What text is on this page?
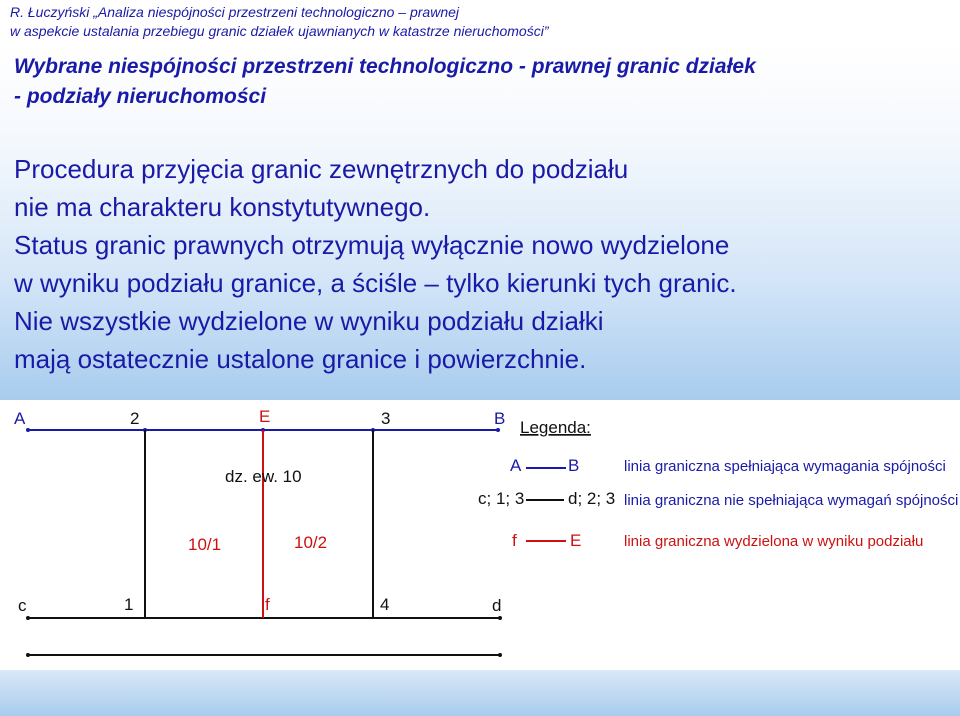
R. Łuczyński „Analiza niespójności przestrzeni technologiczno – prawnej
w aspekcie ustalania przebiegu granic działek ujawnianych w katastrze nieruchomości”
Wybrane niespójności przestrzeni technologiczno - prawnej granic działek
- podziały nieruchomości
Procedura przyjęcia granic zewnętrznych do podziału
nie ma charakteru konstytutywnego.
Status granic prawnych otrzymują wyłącznie nowo wydzielone
w wyniku podziału granice, a ściśle – tylko kierunki tych granic.
Nie wszystkie wydzielone w wyniku podziału działki
mają ostatecznie ustalone granice i powierzchnie.
A	2	E	3	B
c	1	f	4	d
dz. ew. 10
10/1	10/2
Legenda:
A	B	linia graniczna spełniająca wymagania spójności
c; 1; 3	d; 2; 3 linia graniczna nie spełniająca wymagań spójności
f	E	linia graniczna wydzielona w wyniku podziału
